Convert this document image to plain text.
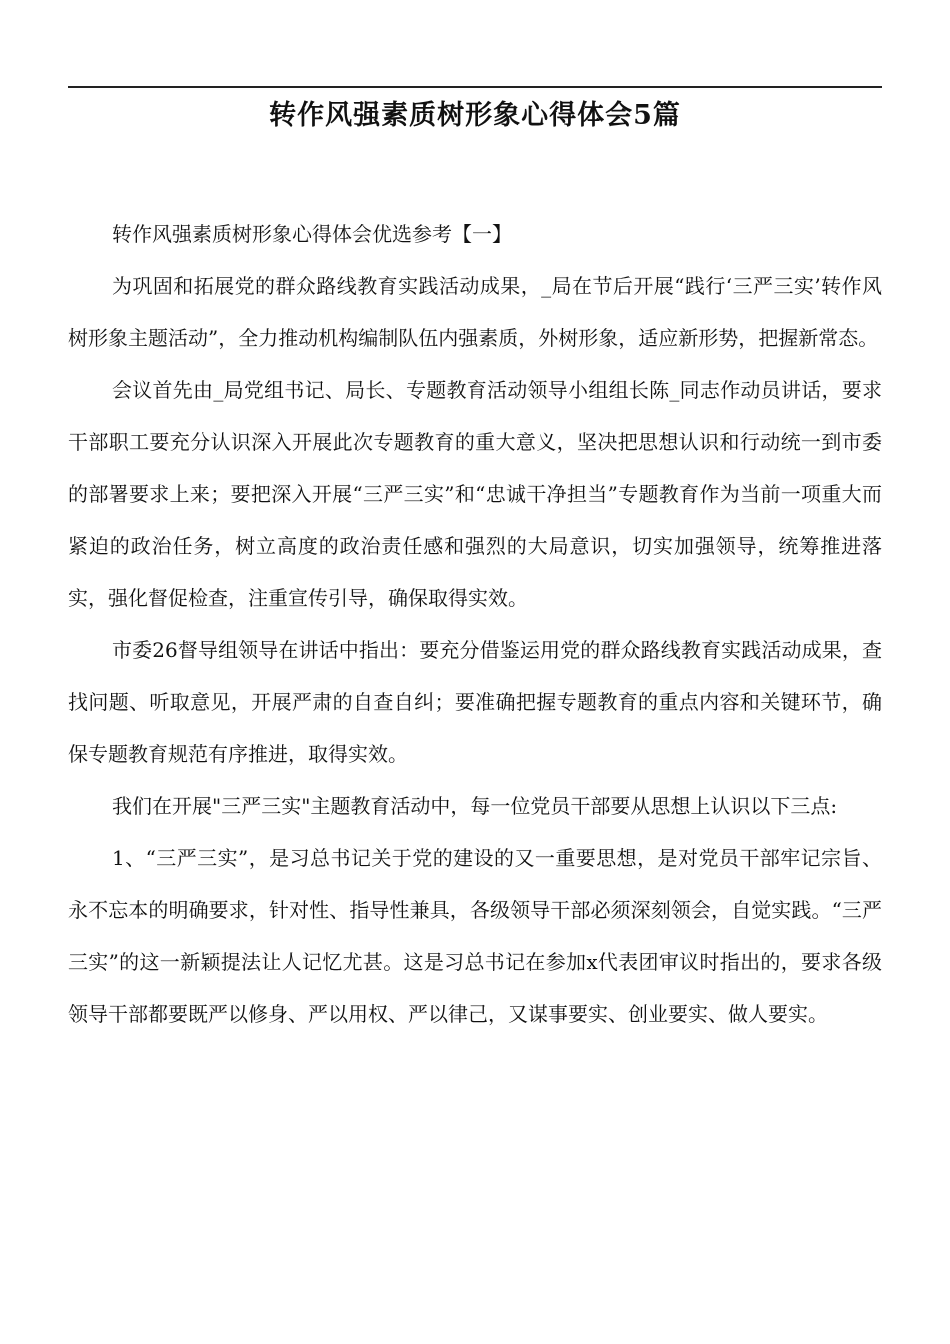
转作风强素质树形象心得体会5篇

转作风强素质树形象心得体会优选参考【一】

为巩固和拓展党的群众路线教育实践活动成果，_局在节后开展“践行‘三严三实’转作风树形象主题活动”，全力推动机构编制队伍内强素质，外树形象，适应新形势，把握新常态。

会议首先由_局党组书记、局长、专题教育活动领导小组组长陈_同志作动员讲话，要求干部职工要充分认识深入开展此次专题教育的重大意义，坚决把思想认识和行动统一到市委的部署要求上来；要把深入开展“三严三实”和“忠诚干净担当”专题教育作为当前一项重大而紧迫的政治任务，树立高度的政治责任感和强烈的大局意识，切实加强领导，统筹推进落实，强化督促检查，注重宣传引导，确保取得实效。

市委26督导组领导在讲话中指出：要充分借鉴运用党的群众路线教育实践活动成果，查找问题、听取意见，开展严肃的自查自纠；要准确把握专题教育的重点内容和关键环节，确保专题教育规范有序推进，取得实效。

我们在开展"三严三实"主题教育活动中，每一位党员干部要从思想上认识以下三点:

1、“三严三实”，是习总书记关于党的建设的又一重要思想，是对党员干部牢记宗旨、永不忘本的明确要求，针对性、指导性兼具，各级领导干部必须深刻领会，自觉实践。“三严三实”的这一新颖提法让人记忆尤甚。这是习总书记在参加x代表团审议时指出的，要求各级领导干部都要既严以修身、严以用权、严以律己，又谋事要实、创业要实、做人要实。
